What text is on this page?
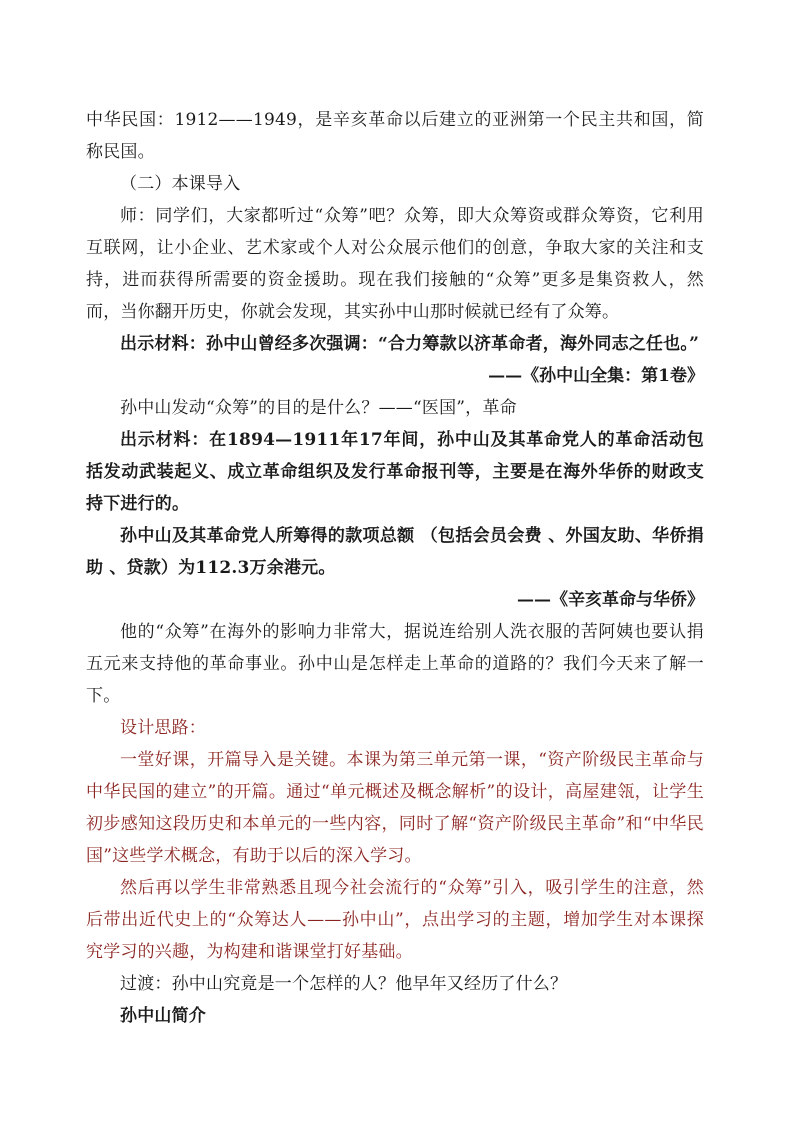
中华民国：1912——1949，是辛亥革命以后建立的亚洲第一个民主共和国，简称民国。

（二）本课导入

师：同学们，大家都听过“众筹”吧？众筹，即大众筹资或群众筹资，它利用互联网，让小企业、艺术家或个人对公众展示他们的创意，争取大家的关注和支持，进而获得所需要的资金援助。现在我们接触的“众筹”更多是集资救人，然而，当你翻开历史，你就会发现，其实孙中山那时候就已经有了众筹。

出示材料：孙中山曾经多次强调：“合力筹款以济革命者，海外同志之任也。”

——《孙中山全集：第1卷》

孙中山发动“众筹”的目的是什么？——“医国”，革命

出示材料：在1894—1911年17年间，孙中山及其革命党人的革命活动包括发动武装起义、成立革命组织及发行革命报刊等，主要是在海外华侨的财政支持下进行的。

孙中山及其革命党人所筹得的款项总额 （包括会员会费 、外国友助、华侨捐助 、贷款）为112.3万余港元。

——《辛亥革命与华侨》

他的“众筹”在海外的影响力非常大，据说连给别人洗衣服的苦阿姨也要认捐五元来支持他的革命事业。孙中山是怎样走上革命的道路的？我们今天来了解一下。

设计思路：

一堂好课，开篇导入是关键。本课为第三单元第一课，“资产阶级民主革命与中华民国的建立”的开篇。通过“单元概述及概念解析”的设计，高屋建瓴，让学生初步感知这段历史和本单元的一些内容，同时了解“资产阶级民主革命”和“中华民国”这些学术概念，有助于以后的深入学习。

然后再以学生非常熟悉且现今社会流行的“众筹”引入，吸引学生的注意，然后带出近代史上的“众筹达人——孙中山”，点出学习的主题，增加学生对本课探究学习的兴趣，为构建和谐课堂打好基础。

过渡：孙中山究竟是一个怎样的人？他早年又经历了什么？

孙中山简介
